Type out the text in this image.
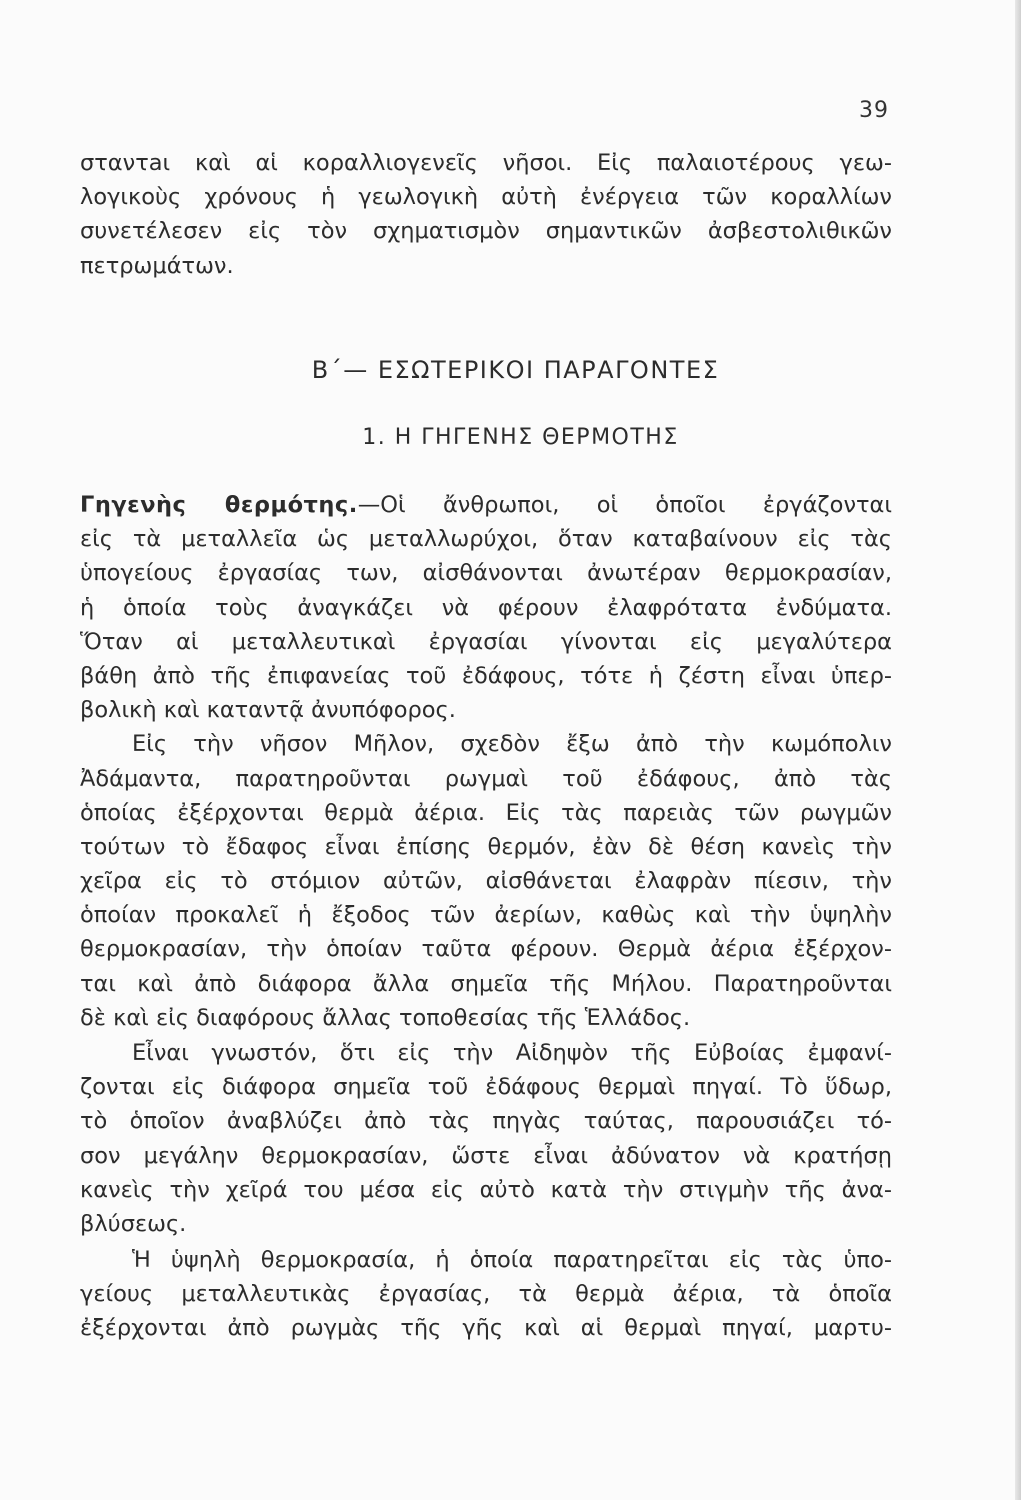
39
σταντaι καὶ αἱ κοραλλιογενεῖς νῆσοι. Εἰς παλαιοτέρους γεω-
λογικοὺς χρόνους ἡ γεωλογικὴ αὐτὴ ἐνέργεια τῶν κοραλλίων
συνετέλεσεν εἰς τὸν σχηματισμὸν σημαντικῶν ἀσβεστολιθικῶν
πετρωμάτων.
Β΄— ΕΣΩΤΕΡΙΚΟΙ ΠΑΡΑΓΟΝΤΕΣ
1. Η ΓΗΓΕΝΗΣ ΘΕΡΜΟΤΗΣ
Γηγενὴς θερμότης.—Οἱ ἄνθρωποι, οἱ ὁποῖοι ἐργάζονται
εἰς τὰ μεταλλεῖα ὡς μεταλλωρύχοι, ὅταν καταβαίνουν εἰς τὰς
ὑπογείους ἐργασίας των, αἰσθάνονται ἀνωτέραν θερμοκρασίαν,
ἡ ὁποία τοὺς ἀναγκάζει νὰ φέρουν ἐλαφρότατα ἐνδύματα.
Ὅταν αἱ μεταλλευτικαὶ ἐργασίαι γίνονται εἰς μεγαλύτερα
βάθη ἀπὸ τῆς ἐπιφανείας τοῦ ἐδάφους, τότε ἡ ζέστη εἶναι ὑπερ-
βολικὴ καὶ καταντᾷ ἀνυπόφορος.
Εἰς τὴν νῆσον Μῆλον, σχεδὸν ἔξω ἀπὸ τὴν κωμόπολιν
Ἀδάμαντα, παρατηροῦνται ρωγμαὶ τοῦ ἐδάφους, ἀπὸ τὰς
ὁποίας ἐξέρχονται θερμὰ ἀέρια. Εἰς τὰς παρειὰς τῶν ρωγμῶν
τούτων τὸ ἔδαφος εἶναι ἐπίσης θερμόν, ἐὰν δὲ θέση κανεὶς τὴν
χεῖρα εἰς τὸ στόμιον αὐτῶν, αἰσθάνεται ἐλαφρὰν πίεσιν, τὴν
ὁποίαν προκαλεῖ ἡ ἔξοδος τῶν ἀερίων, καθὼς καὶ τὴν ὑψηλὴν
θερμοκρασίαν, τὴν ὁποίαν ταῦτα φέρουν. Θερμὰ ἀέρια ἐξέρχον-
ται καὶ ἀπὸ διάφορα ἄλλα σημεῖα τῆς Μήλου. Παρατηροῦνται
δὲ καὶ εἰς διαφόρους ἄλλας τοποθεσίας τῆς Ἑλλάδος.
Εἶναι γνωστόν, ὅτι εἰς τὴν Αἰδηψὸν τῆς Εὐβοίας ἐμφανί-
ζονται εἰς διάφορα σημεῖα τοῦ ἐδάφους θερμαὶ πηγαί. Τὸ ὕδωρ,
τὸ ὁποῖον ἀναβλύζει ἀπὸ τὰς πηγὰς ταύτας, παρουσιάζει τό-
σον μεγάλην θερμοκρασίαν, ὥστε εἶναι ἀδύνατον νὰ κρατήσῃ
κανεὶς τὴν χεῖρά του μέσα εἰς αὐτὸ κατὰ τὴν στιγμὴν τῆς ἀνα-
βλύσεως.
Ἡ ὑψηλὴ θερμοκρασία, ἡ ὁποία παρατηρεῖται εἰς τὰς ὑπο-
γείους μεταλλευτικὰς ἐργασίας, τὰ θερμὰ ἀέρια, τὰ ὁποῖα
ἐξέρχονται ἀπὸ ρωγμὰς τῆς γῆς καὶ αἱ θερμαὶ πηγαί, μαρτυ-
